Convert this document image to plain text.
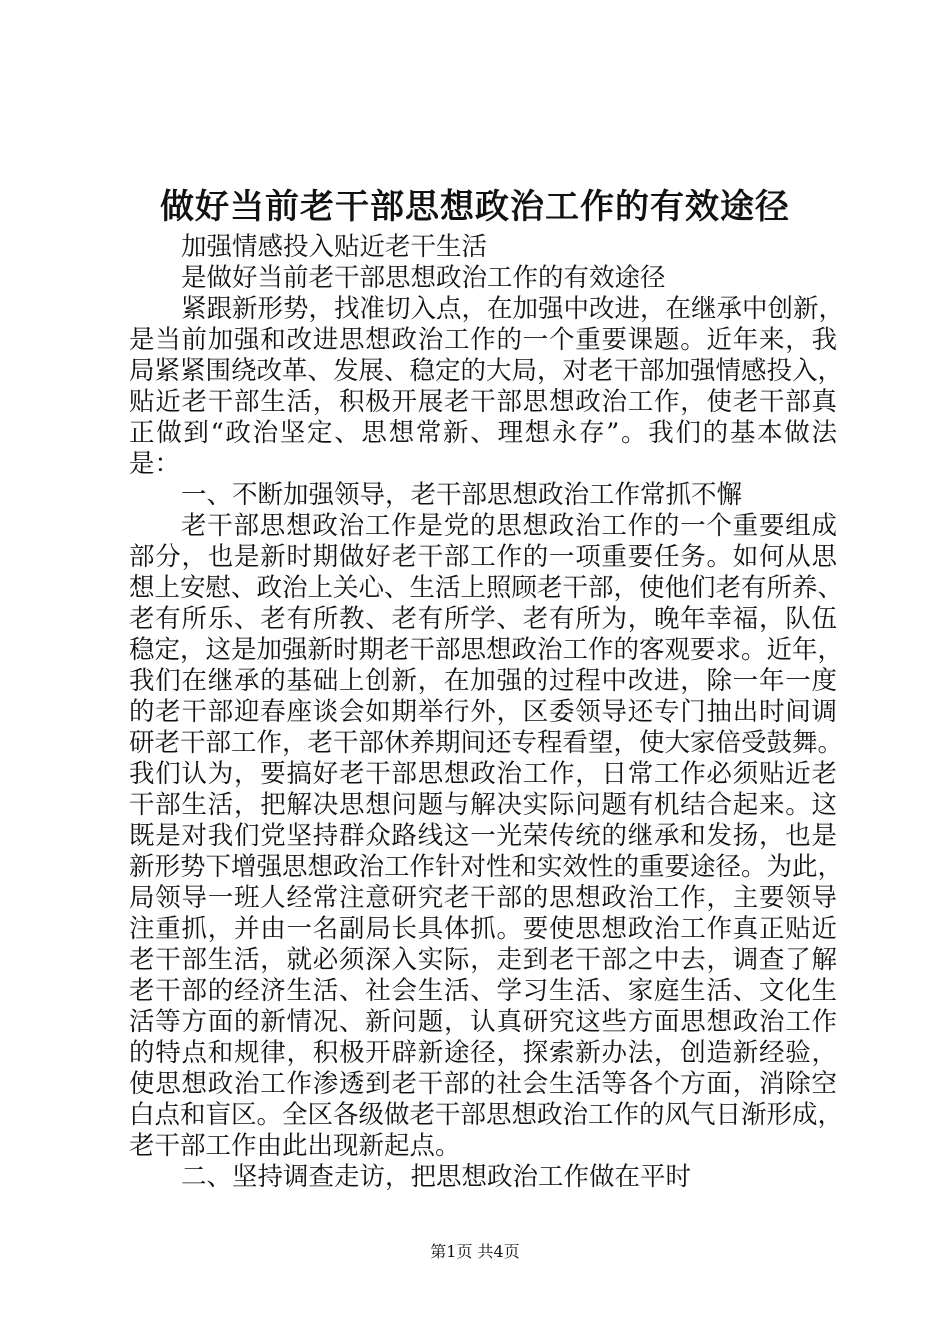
做好当前老干部思想政治工作的有效途径
加强情感投入贴近老干生活
是做好当前老干部思想政治工作的有效途径
紧跟新形势，找准切入点，在加强中改进，在继承中创新，
是当前加强和改进思想政治工作的一个重要课题。近年来，我
局紧紧围绕改革、发展、稳定的大局，对老干部加强情感投入，
贴近老干部生活，积极开展老干部思想政治工作，使老干部真
正做到“政治坚定、思想常新、理想永存”。我们的基本做法
是：
一、不断加强领导，老干部思想政治工作常抓不懈
老干部思想政治工作是党的思想政治工作的一个重要组成
部分，也是新时期做好老干部工作的一项重要任务。如何从思
想上安慰、政治上关心、生活上照顾老干部，使他们老有所养、
老有所乐、老有所教、老有所学、老有所为，晚年幸福，队伍
稳定，这是加强新时期老干部思想政治工作的客观要求。近年，
我们在继承的基础上创新，在加强的过程中改进，除一年一度
的老干部迎春座谈会如期举行外，区委领导还专门抽出时间调
研老干部工作，老干部休养期间还专程看望，使大家倍受鼓舞。
我们认为，要搞好老干部思想政治工作，日常工作必须贴近老
干部生活，把解决思想问题与解决实际问题有机结合起来。这
既是对我们党坚持群众路线这一光荣传统的继承和发扬，也是
新形势下增强思想政治工作针对性和实效性的重要途径。为此，
局领导一班人经常注意研究老干部的思想政治工作，主要领导
注重抓，并由一名副局长具体抓。要使思想政治工作真正贴近
老干部生活，就必须深入实际，走到老干部之中去，调查了解
老干部的经济生活、社会生活、学习生活、家庭生活、文化生
活等方面的新情况、新问题，认真研究这些方面思想政治工作
的特点和规律，积极开辟新途径，探索新办法，创造新经验，
使思想政治工作渗透到老干部的社会生活等各个方面，消除空
白点和盲区。全区各级做老干部思想政治工作的风气日渐形成，
老干部工作由此出现新起点。
二、坚持调查走访，把思想政治工作做在平时
第1页 共4页
